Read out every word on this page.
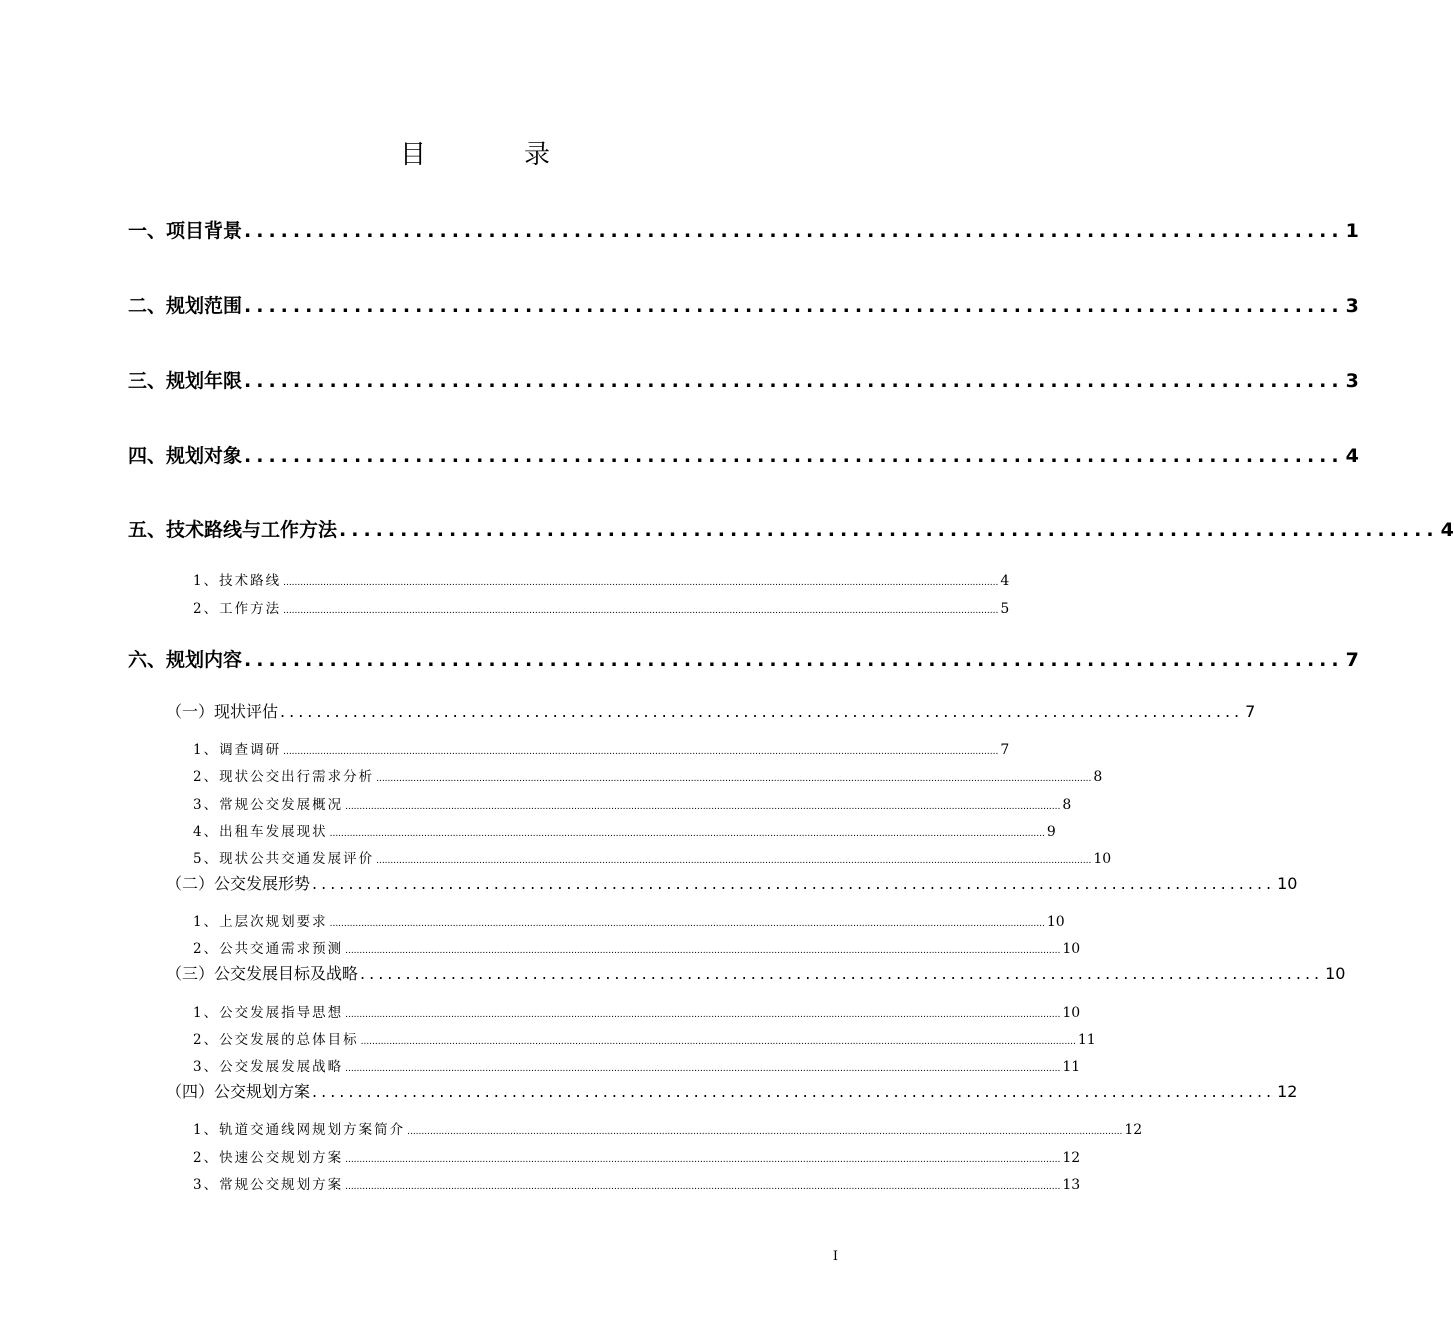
目　录
一、项目背景 .......................................................................................... 1
二、规划范围 .......................................................................................... 3
三、规划年限 .......................................................................................... 3
四、规划对象 .......................................................................................... 4
五、技术路线与工作方法 .......................................................................................... 4
1、技术路线 .......................................................................................................................................................................................................................................................... 4
2、工作方法 .......................................................................................................................................................................................................................................................... 5
六、规划内容 .......................................................................................... 7
（一）现状评估 .......................................................................................................... 7
1、调查调研 .......................................................................................................................................................................................................................................................... 7
2、现状公交出行需求分析 .......................................................................................................................................................................................................................................................... 8
3、常规公交发展概况 .......................................................................................................................................................................................................................................................... 8
4、出租车发展现状 .......................................................................................................................................................................................................................................................... 9
5、现状公共交通发展评价 .......................................................................................................................................................................................................................................................... 10
（二）公交发展形势 .......................................................................................................... 10
1、上层次规划要求 .......................................................................................................................................................................................................................................................... 10
2、公共交通需求预测 .......................................................................................................................................................................................................................................................... 10
（三）公交发展目标及战略 .......................................................................................................... 10
1、公交发展指导思想 .......................................................................................................................................................................................................................................................... 10
2、公交发展的总体目标 .......................................................................................................................................................................................................................................................... 11
3、公交发展发展战略 .......................................................................................................................................................................................................................................................... 11
（四）公交规划方案 .......................................................................................................... 12
1、轨道交通线网规划方案简介 .......................................................................................................................................................................................................................................................... 12
2、快速公交规划方案 .......................................................................................................................................................................................................................................................... 12
3、常规公交规划方案 .......................................................................................................................................................................................................................................................... 13
I
